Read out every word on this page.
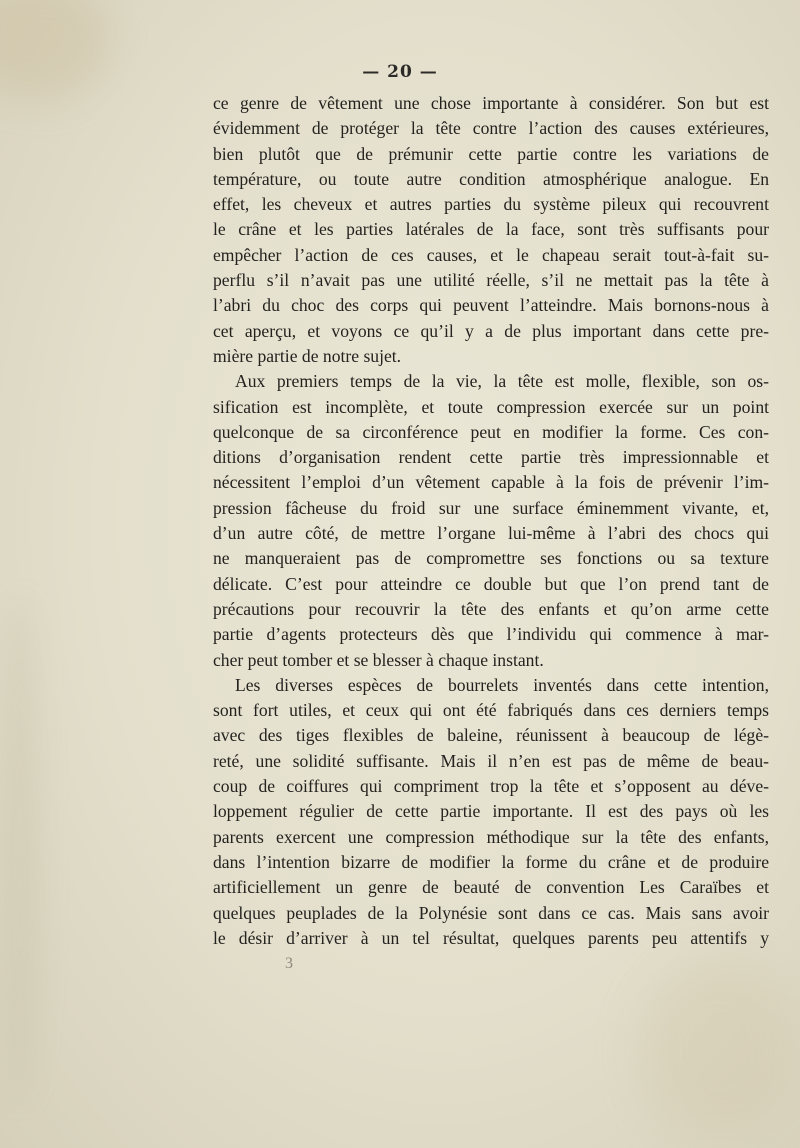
— 20 —
ce genre de vêtement une chose importante à considérer. Son but est
évidemment de protéger la tête contre l’action des causes extérieures,
bien plutôt que de prémunir cette partie contre les variations de
température, ou toute autre condition atmosphérique analogue. En
effet, les cheveux et autres parties du système pileux qui recouvrent
le crâne et les parties latérales de la face, sont très suffisants pour
empêcher l’action de ces causes, et le chapeau serait tout-à-fait su-
perflu s’il n’avait pas une utilité réelle, s’il ne mettait pas la tête à
l’abri du choc des corps qui peuvent l’atteindre. Mais bornons-nous à
cet aperçu, et voyons ce qu’il y a de plus important dans cette pre-
mière partie de notre sujet.
Aux premiers temps de la vie, la tête est molle, flexible, son os-
sification est incomplète, et toute compression exercée sur un point
quelconque de sa circonférence peut en modifier la forme. Ces con-
ditions d’organisation rendent cette partie très impressionnable et
nécessitent l’emploi d’un vêtement capable à la fois de prévenir l’im-
pression fâcheuse du froid sur une surface éminemment vivante, et,
d’un autre côté, de mettre l’organe lui-même à l’abri des chocs qui
ne manqueraient pas de compromettre ses fonctions ou sa texture
délicate. C’est pour atteindre ce double but que l’on prend tant de
précautions pour recouvrir la tête des enfants et qu’on arme cette
partie d’agents protecteurs dès que l’individu qui commence à mar-
cher peut tomber et se blesser à chaque instant.
Les diverses espèces de bourrelets inventés dans cette intention,
sont fort utiles, et ceux qui ont été fabriqués dans ces derniers temps
avec des tiges flexibles de baleine, réunissent à beaucoup de légè-
reté, une solidité suffisante. Mais il n’en est pas de même de beau-
coup de coiffures qui compriment trop la tête et s’opposent au déve-
loppement régulier de cette partie importante. Il est des pays où les
parents exercent une compression méthodique sur la tête des enfants,
dans l’intention bizarre de modifier la forme du crâne et de produire
artificiellement un genre de beauté de convention Les Caraïbes et
quelques peuplades de la Polynésie sont dans ce cas. Mais sans avoir
le désir d’arriver à un tel résultat, quelques parents peu attentifs y
3
